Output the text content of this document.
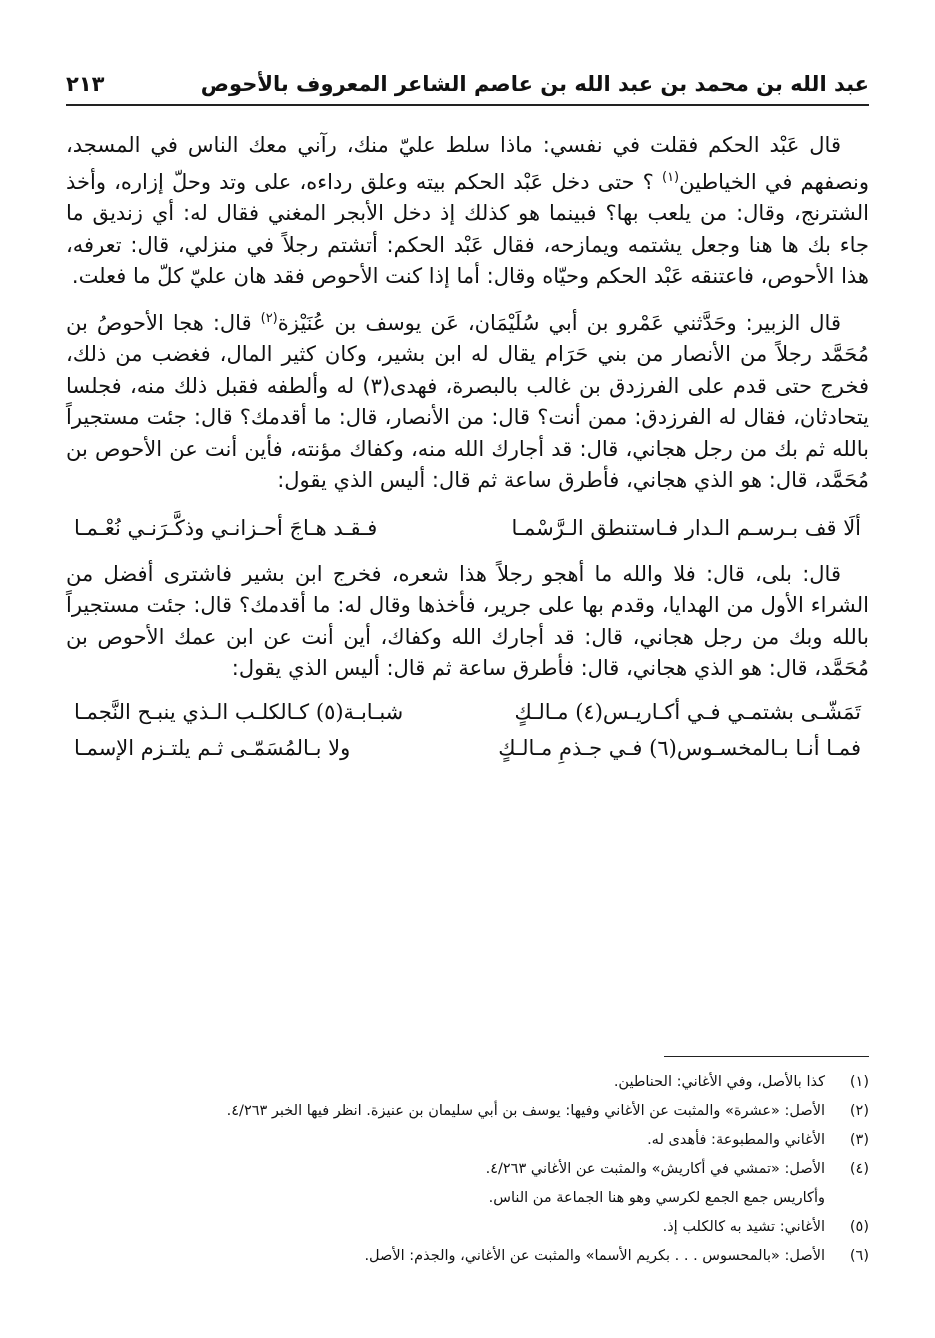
عبد الله بن محمد بن عبد الله بن عاصم الشاعر المعروف بالأحوص
٢١٣

قال عَبْد الحكم فقلت في نفسي: ماذا سلط عليّ منك، رآني معك الناس في المسجد، ونصفهم في الخياطين$^{(١)}$ ؟ حتى دخل عَبْد الحكم بيته وعلق رداءه، على وتد وحلّ إزاره، وأخذ الشترنج، وقال: من يلعب بها؟ فبينما هو كذلك إذ دخل الأبجر المغني فقال له: أي زنديق ما جاء بك ها هنا وجعل يشتمه ويمازحه، فقال عَبْد الحكم: أتشتم رجلاً في منزلي، قال: تعرفه، هذا الأحوص، فاعتنقه عَبْد الحكم وحيّاه وقال: أما إذا كنت الأحوص فقد هان عليّ كلّ ما فعلت.

قال الزبير: وحَدَّثني عَمْرو بن أبي سُلَيْمَان، عَن يوسف بن عُنَيْزة$^{(٢)}$ قال: هجا الأحوصُ بن مُحَمَّد رجلاً من الأنصار من بني حَرَام يقال له ابن بشير، وكان كثير المال، فغضب من ذلك، فخرج حتى قدم على الفرزدق بن غالب بالبصرة، فهدى(٣) له وألطفه فقبل ذلك منه، فجلسا يتحادثان، فقال له الفرزدق: ممن أنت؟ قال: من الأنصار، قال: ما أقدمك؟ قال: جئت مستجيراً بالله ثم بك من رجل هجاني، قال: قد أجارك الله منه، وكفاك مؤنته، فأين أنت عن الأحوص بن مُحَمَّد، قال: هو الذي هجاني، فأطرق ساعة ثم قال: أليس الذي يقول:

ألَا قف بـرسـم الـدار فـاستنطق الـرَّسْمـا
فـقـد هـاجَ أحـزانـي وذكَّـرَنـي نُعْـمـا

قال: بلى، قال: فلا والله ما أهجو رجلاً هذا شعره، فخرج ابن بشير فاشترى أفضل من الشراء الأول من الهدايا، وقدم بها على جرير، فأخذها وقال له: ما أقدمك؟ قال: جئت مستجيراً بالله وبك من رجل هجاني، قال: قد أجارك الله وكفاك، أين أنت عن ابن عمك الأحوص بن مُحَمَّد، قال: هو الذي هجاني، قال: فأطرق ساعة ثم قال: أليس الذي يقول:

تَمَشّـى بشتمـي فـي أكـاريـس(٤) مـالـكٍ
شبـابـة(٥) كـالكلـب الـذي ينبـح النَّجمـا
فمـا أنـا بـالمخسـوس(٦) فـي جـذمِ مـالـكٍ
ولا بـالمُسَمّـى ثـم يلتـزم الإسمـا
(١)
كذا بالأصل، وفي الأغاني: الحناطين.
(٢)
الأصل: «عشرة» والمثبت عن الأغاني وفيها: يوسف بن أبي سليمان بن عنيزة. انظر فيها الخبر ٤/٢٦٣.
(٣)
الأغاني والمطبوعة: فأهدى له.
(٤)
الأصل: «تمشي في أكاريش» والمثبت عن الأغاني ٤/٢٦٣.
وأكاريس جمع الجمع لكرسي وهو هنا الجماعة من الناس.
(٥)
الأغاني: تشيد به كالكلب إذ.
(٦)
الأصل: «بالمحسوس . . . بكريم الأسما» والمثبت عن الأغاني، والجذم: الأصل.
